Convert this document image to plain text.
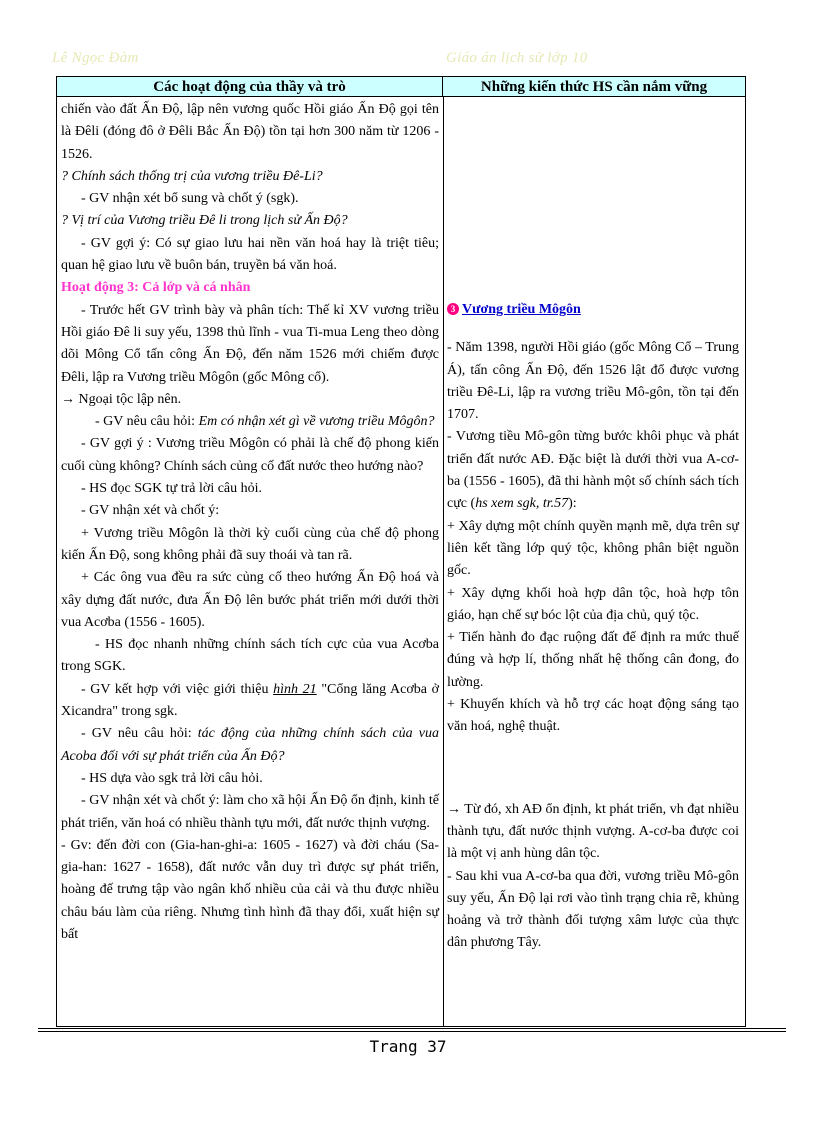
Lê Ngọc Đàm	Giáo án lịch sử lớp 10
Các hoạt động của thầy và trò	Những kiến thức HS cần nắm vững

chiến vào đất Ấn Độ, lập nên vương quốc Hồi giáo Ấn Độ gọi tên là Đêli (đóng đô ở Đêli Bắc Ấn Độ) tồn tại hơn 300 năm từ 1206 - 1526.

? Chính sách thống trị của vương triều Đê-Li?

- GV nhận xét bổ sung và chốt ý (sgk).

? Vị trí của Vương triều Đê li trong lịch sử Ấn Độ?

- GV gợi ý: Có sự giao lưu hai nền văn hoá hay là triệt tiêu; quan hệ giao lưu về buôn bán, truyền bá văn hoá.

Hoạt động 3: Cả lớp và cá nhân

- Trước hết GV trình bày và phân tích: Thế kỉ XV vương triều Hồi giáo Đê li suy yếu, 1398 thủ lĩnh - vua Ti-mua Leng theo dòng dõi Mông Cổ tấn công Ấn Độ, đến năm 1526 mới chiếm được Đêli, lập ra Vương triều Môgôn (gốc Mông cổ).

→ Ngoại tộc lập nên.

- GV nêu câu hỏi: Em có nhận xét gì về vương triều Môgôn?

- GV gợi ý : Vương triều Môgôn có phải là chế độ phong kiến cuối cùng không? Chính sách củng cố đất nước theo hướng nào?

- HS đọc SGK tự trả lời câu hỏi.

- GV nhận xét và chốt ý:

+ Vương triều Môgôn là thời kỳ cuối cùng của chế độ phong kiến Ấn Độ, song không phải đã suy thoái và tan rã.

+ Các ông vua đều ra sức củng cố theo hướng Ấn Độ hoá và xây dựng đất nước, đưa Ấn Độ lên bước phát triển mới dưới thời vua Acơba (1556 - 1605).

- HS đọc nhanh những chính sách tích cực của vua Acơba trong SGK.

- GV kết hợp với việc giới thiệu hình 21 "Cổng lăng Acơba ở Xicandra" trong sgk.

- GV nêu câu hỏi: tác động của những chính sách của vua Acoba đối với sự phát triển của Ấn Độ?

- HS dựa vào sgk trả lời câu hỏi.

- GV nhận xét và chốt ý: làm cho xã hội Ấn Độ ổn định, kinh tế phát triển, văn hoá có nhiều thành tựu mới, đất nước thịnh vượng.

- Gv: đến đời con (Gia-han-ghi-a: 1605 - 1627) và đời cháu (Sa-gia-han: 1627 - 1658), đất nước vẫn duy trì được sự phát triển, hoàng đế trưng tập vào ngân khố nhiều của cải và thu được nhiều châu báu làm của riêng. Nhưng tình hình đã thay đổi, xuất hiện sự bất

3 Vương triều Môgôn

- Năm 1398, người Hồi giáo (gốc Mông Cổ – Trung Á), tấn công Ấn Độ, đến 1526 lật đổ được vương triều Đê-Li, lập ra vương triều Mô-gôn, tồn tại đến 1707.

- Vương tiều Mô-gôn từng bước khôi phục và phát triển đất nước AĐ. Đặc biệt là dưới thời vua A-cơ-ba (1556 - 1605), đã thi hành một số chính sách tích cực (hs xem sgk, tr.57):

+ Xây dựng một chính quyền mạnh mẽ, dựa trên sự liên kết tầng lớp quý tộc, không phân biệt nguồn gốc.

+ Xây dựng khối hoà hợp dân tộc, hoà hợp tôn giáo, hạn chế sự bóc lột của địa chủ, quý tộc.

+ Tiến hành đo đạc ruộng đất để định ra mức thuế đúng và hợp lí, thống nhất hệ thống cân đong, đo lường.

+ Khuyến khích và hỗ trợ các hoạt động sáng tạo văn hoá, nghệ thuật.

→ Từ đó, xh AĐ ổn định, kt phát triển, vh đạt nhiều thành tựu, đất nước thịnh vượng. A-cơ-ba được coi là một vị anh hùng dân tộc.

- Sau khi vua A-cơ-ba qua đời, vương triều Mô-gôn suy yếu, Ấn Độ lại rơi vào tình trạng chia rẽ, khủng hoảng và trở thành đối tượng xâm lược của thực dân phương Tây.

Trang 37
